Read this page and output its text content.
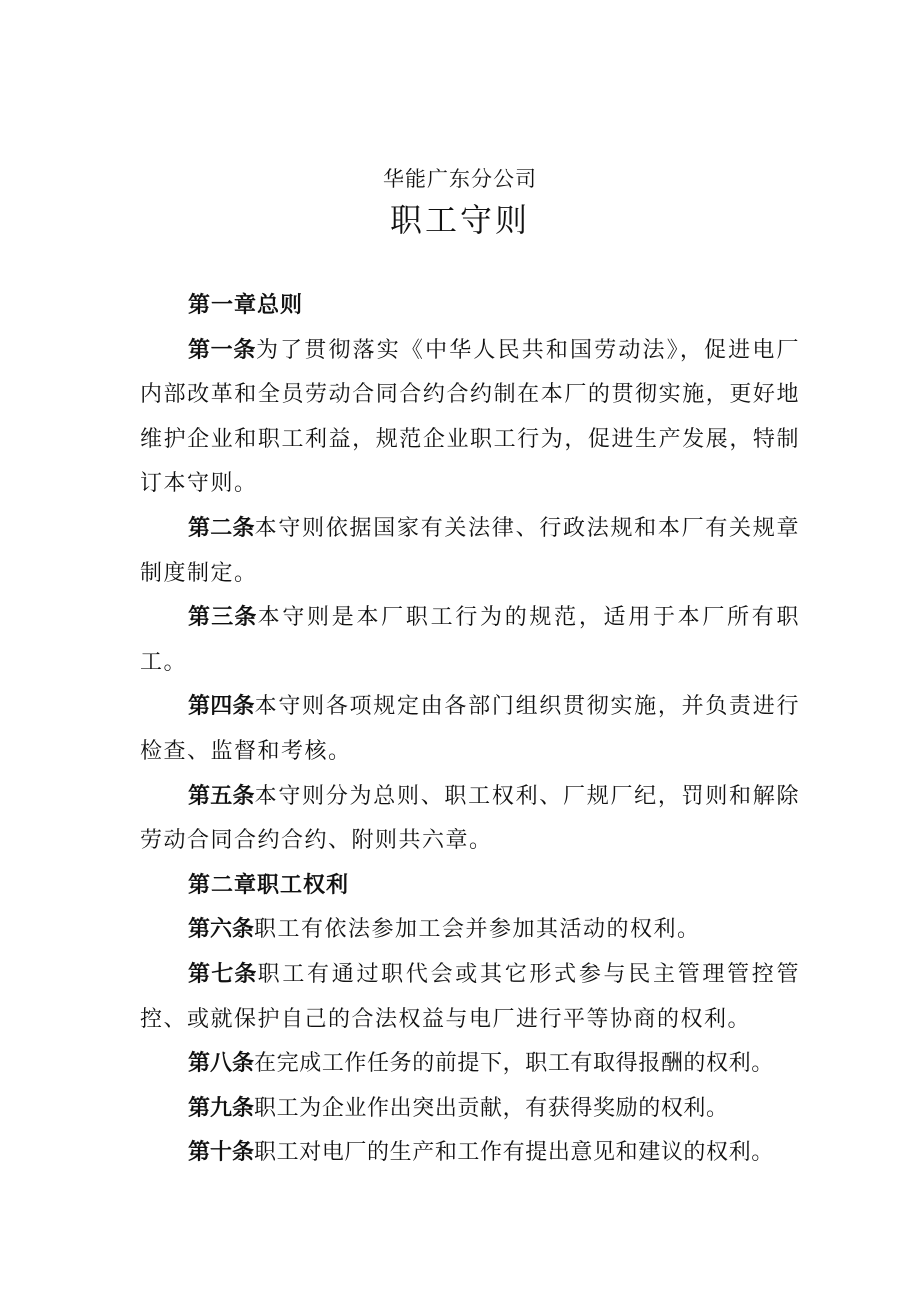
华能广东分公司
职工守则

第一章总则

第一条为了贯彻落实《中华人民共和国劳动法》，促进电厂内部改革和全员劳动合同合约合约制在本厂的贯彻实施，更好地维护企业和职工利益，规范企业职工行为，促进生产发展，特制订本守则。

第二条本守则依据国家有关法律、行政法规和本厂有关规章制度制定。

第三条本守则是本厂职工行为的规范，适用于本厂所有职工。

第四条本守则各项规定由各部门组织贯彻实施，并负责进行检查、监督和考核。

第五条本守则分为总则、职工权利、厂规厂纪，罚则和解除劳动合同合约合约、附则共六章。

第二章职工权利

第六条职工有依法参加工会并参加其活动的权利。

第七条职工有通过职代会或其它形式参与民主管理管控管控、或就保护自己的合法权益与电厂进行平等协商的权利。

第八条在完成工作任务的前提下，职工有取得报酬的权利。

第九条职工为企业作出突出贡献，有获得奖励的权利。

第十条职工对电厂的生产和工作有提出意见和建议的权利。
